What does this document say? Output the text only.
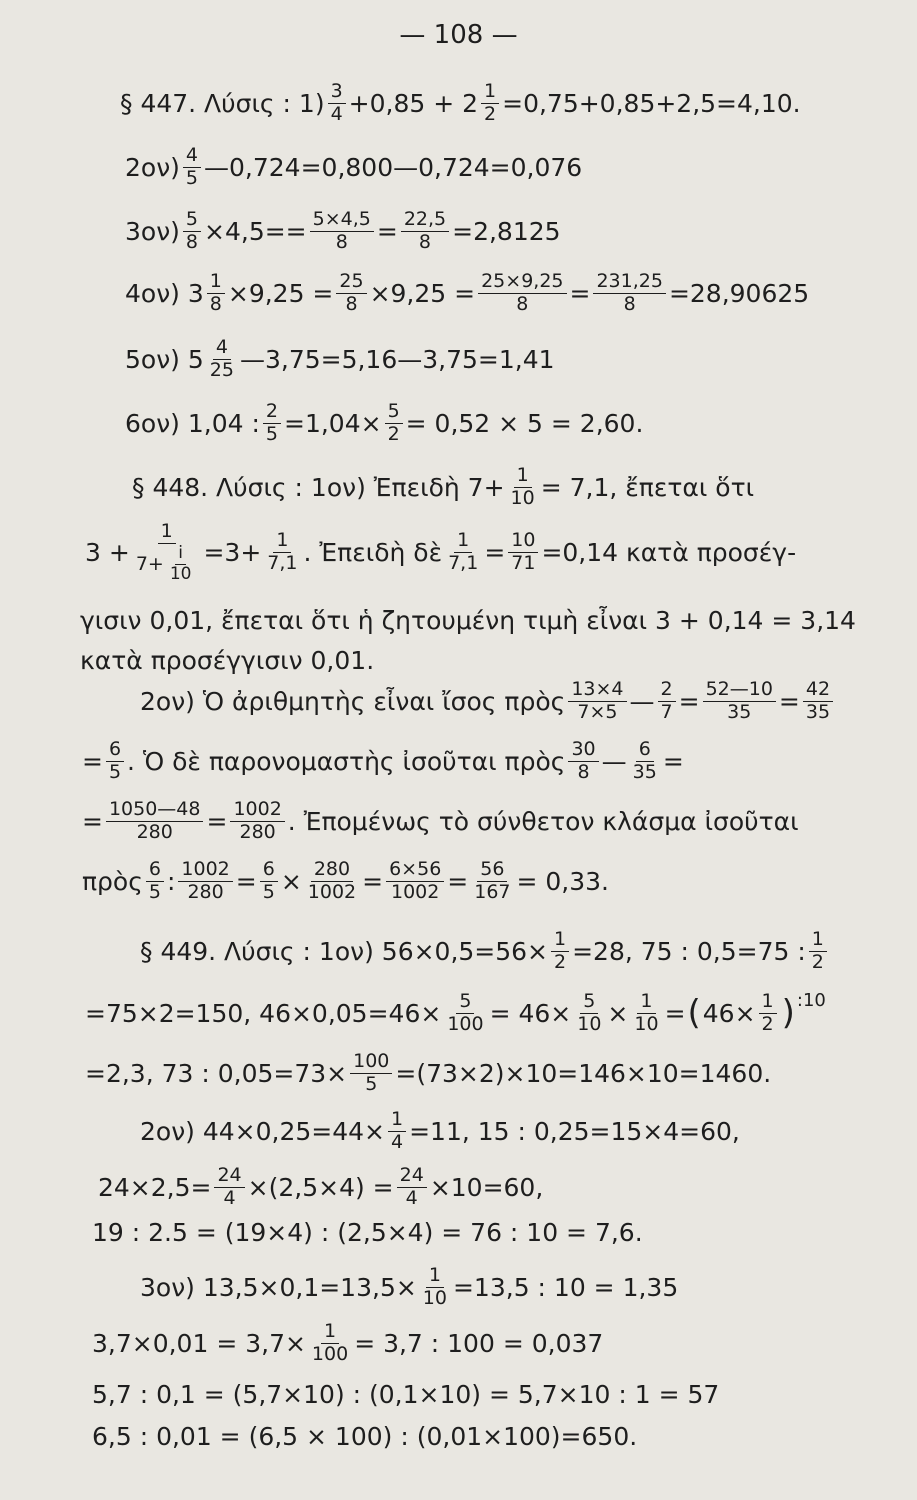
— 108 —
§ 447. Λύσις : $1) \frac{3}{4} +0,85 + 2 \frac{1}{2} =0,75+0,85+2,5=4,10$.
$2o\nu) \frac{4}{5}$ —0,724=0,800—0,724=0,076
$3o\nu) \frac{5}{8} \times 4,5== \frac{5\times 4,5}{8} = \frac{22,5}{8} =2,8125$
4ον) $3 \frac{1}{8} \times 9,25 = \frac{25}{8} \times 9,25 = \frac{25\times 9,25}{8} = \frac{231,25}{8} =28,90625$
5ον) $5 \frac{4}{25}$ —3,75=5,16—3,75=1,41
6ον) 1,04 : $\frac{2}{5} =1,04\times \frac{5}{2} = 0,52 \times 5 = 2,60$.
§ 448. Λύσις : 1ον) Ἐπειδὴ $7+ \frac{1}{10} = 7,1$, ἔπεται ὅτι
$3 + \frac{1}{7+ \frac{i}{10}} =3+ \frac{1}{7,1}$ . Ἐπειδὴ δὲ $\frac{1}{7,1} = \frac{10}{71} =0,14$ κατὰ προσέγ-
γισιν 0,01, ἔπεται ὅτι ἡ ζητουμένη τιμὴ εἶναι 3 + 0,14 = 3,14
κατὰ προσέγγισιν 0,01.
2ον) Ὁ ἀριθμητὴς εἶναι ἴσος πρὸς $\frac{13\times 4}{7\times 5}$ — $\frac{2}{7} = \frac{52—10}{35} = \frac{42}{35}$
= $\frac{6}{5}$ . Ὁ δὲ παρονομαστὴς ἰσοῦται πρὸς $\frac{30}{8}$ — $\frac{6}{35}$ =
= $\frac{1050—48}{280} = \frac{1002}{280}$ . Ἐπομένως τὸ σύνθετον κλάσμα ἰσοῦται
πρὸς $\frac{6}{5}$ : $\frac{1002}{280} = \frac{6}{5} \times \frac{280}{1002} = \frac{6\times 56}{1002} = \frac{56}{167} = 0,33$.
§ 449. Λύσις : 1ον) $56\times 0,5=56\times \frac{1}{2} =28$, 75 : 0,5=75 : $\frac{1}{2}$
=75×2=150, $46\times 0,05=46\times \frac{5}{100} = 46\times \frac{5}{10} \times \frac{1}{10}$ = ( $46\times \frac{1}{2}$ ) :10
=2,3, 73 : $0,05=73\times \frac{100}{5} =(73\times 2)\times 10=146\times 10=1460$.
2ον) $44\times 0,25=44\times \frac{1}{4} =11$, 15 : 0,25=15×4=60,
$24\times 2,5= \frac{24}{4} \times(2,5\times 4) = \frac{24}{4} \times 10=60$,
19 : 2.5 = (19×4) : (2,5×4) = 76 : 10 = 7,6.
3ον) $13,5\times 0,1=13,5\times \frac{1}{10} =13,5$ : 10 = 1,35
$3,7\times 0,01 = 3,7\times \frac{1}{100} = 3,7$ : 100 = 0,037
5,7 : 0,1 = (5,7×10) : (0,1×10) = 5,7×10 : 1 = 57
6,5 : 0,01 = (6,5 × 100) : (0,01×100)=650.
